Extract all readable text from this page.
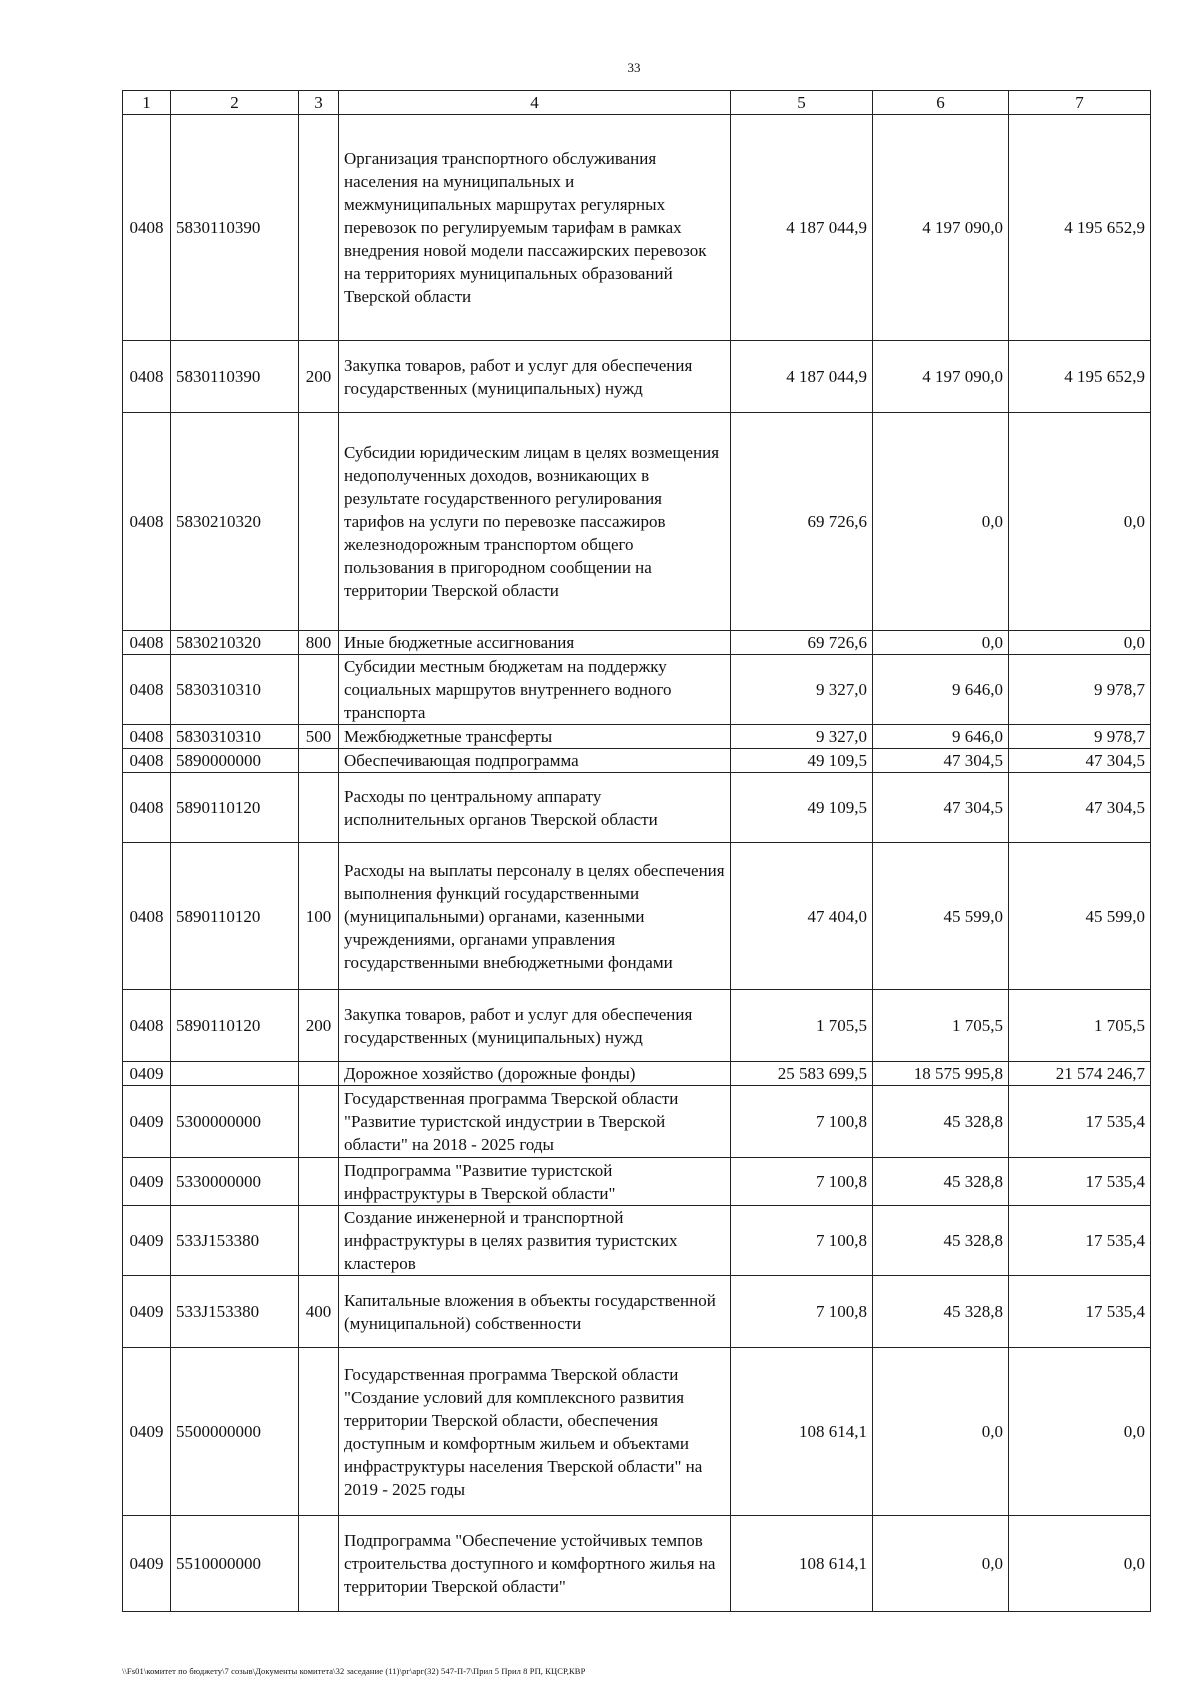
33
1	2	3	4	5	6	7
0408	5830110390		Организация транспортного обслуживания населения на муниципальных и межмуниципальных маршрутах регулярных перевозок по регулируемым тарифам в рамках внедрения новой модели пассажирских перевозок на территориях муниципальных образований Тверской области	4 187 044,9	4 197 090,0	4 195 652,9
0408	5830110390	200	Закупка товаров, работ и услуг для обеспечения государственных (муниципальных) нужд	4 187 044,9	4 197 090,0	4 195 652,9
0408	5830210320		Субсидии юридическим лицам в целях возмещения недополученных доходов, возникающих в результате государственного регулирования тарифов на услуги по перевозке пассажиров железнодорожным транспортом общего пользования в пригородном сообщении на территории Тверской области	69 726,6	0,0	0,0
0408	5830210320	800	Иные бюджетные ассигнования	69 726,6	0,0	0,0
0408	5830310310		Субсидии местным бюджетам на поддержку социальных маршрутов внутреннего водного транспорта	9 327,0	9 646,0	9 978,7
0408	5830310310	500	Межбюджетные трансферты	9 327,0	9 646,0	9 978,7
0408	5890000000		Обеспечивающая подпрограмма	49 109,5	47 304,5	47 304,5
0408	5890110120		Расходы по центральному аппарату исполнительных органов Тверской области	49 109,5	47 304,5	47 304,5
0408	5890110120	100	Расходы на выплаты персоналу в целях обеспечения выполнения функций государственными (муниципальными) органами, казенными учреждениями, органами управления государственными внебюджетными фондами	47 404,0	45 599,0	45 599,0
0408	5890110120	200	Закупка товаров, работ и услуг для обеспечения государственных (муниципальных) нужд	1 705,5	1 705,5	1 705,5
0409			Дорожное хозяйство (дорожные фонды)	25 583 699,5	18 575 995,8	21 574 246,7
0409	5300000000		Государственная программа Тверской области "Развитие туристской индустрии в Тверской области" на 2018 - 2025 годы	7 100,8	45 328,8	17 535,4
0409	5330000000		Подпрограмма "Развитие туристской инфраструктуры в Тверской области"	7 100,8	45 328,8	17 535,4
0409	533J153380		Создание инженерной и транспортной инфраструктуры в целях развития туристских кластеров	7 100,8	45 328,8	17 535,4
0409	533J153380	400	Капитальные вложения в объекты государственной (муниципальной) собственности	7 100,8	45 328,8	17 535,4
0409	5500000000		Государственная программа Тверской области "Создание условий для комплексного развития территории Тверской области, обеспечения доступным и комфортным жильем и объектами инфраструктуры населения Тверской области" на 2019 - 2025 годы	108 614,1	0,0	0,0
0409	5510000000		Подпрограмма "Обеспечение устойчивых темпов строительства доступного и комфортного жилья на территории Тверской области"	108 614,1	0,0	0,0
\\Fs01\комитет по бюджету\7 созыв\Документы комитета\32 заседание (11)\рг\арг(32) 547-П-7\Прил 5 Прил 8 РП, КЦСР,КВР
